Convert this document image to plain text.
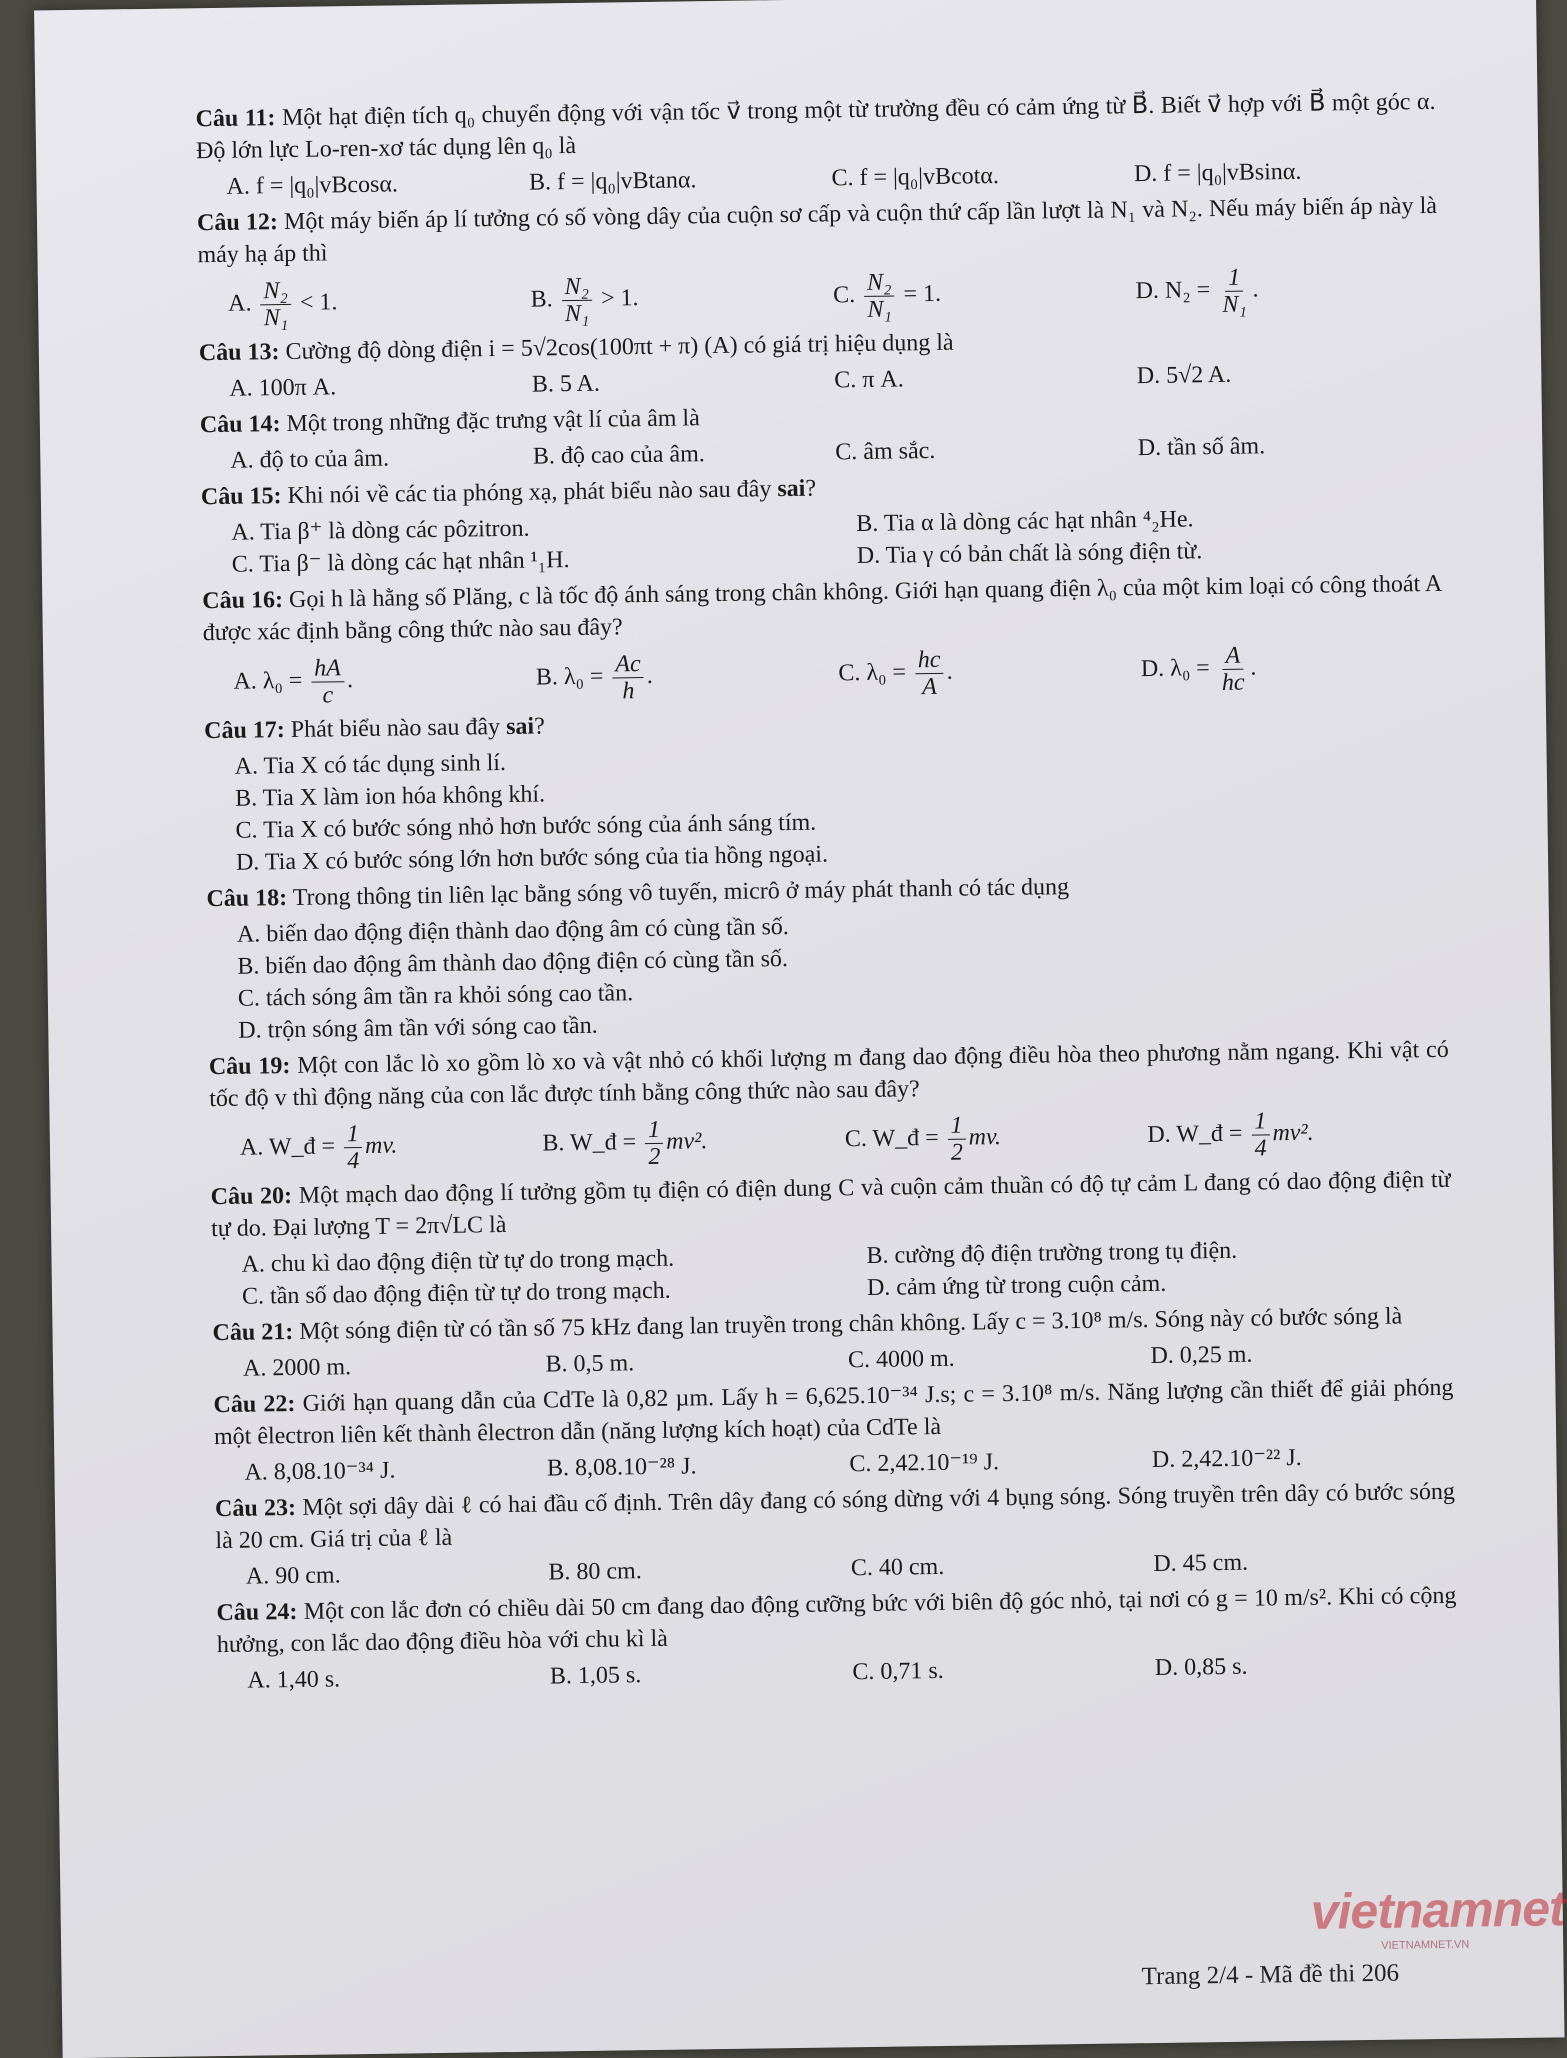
Câu 11: Một hạt điện tích q₀ chuyển động với vận tốc v⃗ trong một từ trường đều có cảm ứng từ B⃗. Biết v⃗ hợp với B⃗ một góc α. Độ lớn lực Lo-ren-xơ tác dụng lên q₀ là
A. f = |q₀|vBcosα.	B. f = |q₀|vBtanα.	C. f = |q₀|vBcotα.	D. f = |q₀|vBsinα.
Câu 12: Một máy biến áp lí tưởng có số vòng dây của cuộn sơ cấp và cuộn thứ cấp lần lượt là N₁ và N₂. Nếu máy biến áp này là máy hạ áp thì
A. $\frac{\text{N₂}}{\text{N₁}} < 1$.	B. $\frac{\text{N₂}}{\text{N₁}} > 1$.	C. $\frac{\text{N₂}}{\text{N₁}} = 1$.	D. $N_2 = \frac{1}{\text{N₁}}$ .
Câu 13: Cường độ dòng điện i = 5√2cos(100πt + π) (A) có giá trị hiệu dụng là
A. 100π A.	B. 5 A.	C. π A.	D. 5√2 A.
Câu 14: Một trong những đặc trưng vật lí của âm là
A. độ to của âm.	B. độ cao của âm.	C. âm sắc.	D. tần số âm.
Câu 15: Khi nói về các tia phóng xạ, phát biểu nào sau đây sai?
A. Tia β⁺ là dòng các pôzitron.	B. Tia α là dòng các hạt nhân ⁴₂He.
C. Tia β⁻ là dòng các hạt nhân ¹₁H.	D. Tia γ có bản chất là sóng điện từ.
Câu 16: Gọi h là hằng số Plăng, c là tốc độ ánh sáng trong chân không. Giới hạn quang điện λ₀ của một kim loại có công thoát A được xác định bằng công thức nào sau đây?
A. $\lambda_0 = \frac{hA}{c}$ .	B. $\lambda_0 = \frac{Ac}{h}$ .	C. $\lambda_0 = \frac{hc}{A}$ .	D. $\lambda_0 = \frac{A}{hc}$ .
Câu 17: Phát biểu nào sau đây sai?
A. Tia X có tác dụng sinh lí.
B. Tia X làm ion hóa không khí.
C. Tia X có bước sóng nhỏ hơn bước sóng của ánh sáng tím.
D. Tia X có bước sóng lớn hơn bước sóng của tia hồng ngoại.
Câu 18: Trong thông tin liên lạc bằng sóng vô tuyến, micrô ở máy phát thanh có tác dụng
A. biến dao động điện thành dao động âm có cùng tần số.
B. biến dao động âm thành dao động điện có cùng tần số.
C. tách sóng âm tần ra khỏi sóng cao tần.
D. trộn sóng âm tần với sóng cao tần.
Câu 19: Một con lắc lò xo gồm lò xo và vật nhỏ có khối lượng m đang dao động điều hòa theo phương nằm ngang. Khi vật có tốc độ v thì động năng của con lắc được tính bằng công thức nào sau đây?
A. W_đ = $\frac{1}{4}$ mv.	B. W_đ = $\frac{1}{2} mv^2$.	C. W_đ = $\frac{1}{2}$ mv.	D. W_đ = $\frac{1}{4} mv^2$.
Câu 20: Một mạch dao động lí tưởng gồm tụ điện có điện dung C và cuộn cảm thuần có độ tự cảm L đang có dao động điện từ tự do. Đại lượng T = 2π√LC là
A. chu kì dao động điện từ tự do trong mạch.	B. cường độ điện trường trong tụ điện.
C. tần số dao động điện từ tự do trong mạch.	D. cảm ứng từ trong cuộn cảm.
Câu 21: Một sóng điện từ có tần số 75 kHz đang lan truyền trong chân không. Lấy c = 3.10⁸ m/s. Sóng này có bước sóng là
A. 2000 m.	B. 0,5 m.	C. 4000 m.	D. 0,25 m.
Câu 22: Giới hạn quang dẫn của CdTe là 0,82 µm. Lấy h = 6,625.10⁻³⁴ J.s; c = 3.10⁸ m/s. Năng lượng cần thiết để giải phóng một êlectron liên kết thành êlectron dẫn (năng lượng kích hoạt) của CdTe là
A. 8,08.10⁻³⁴ J.	B. 8,08.10⁻²⁸ J.	C. 2,42.10⁻¹⁹ J.	D. 2,42.10⁻²² J.
Câu 23: Một sợi dây dài ℓ có hai đầu cố định. Trên dây đang có sóng dừng với 4 bụng sóng. Sóng truyền trên dây có bước sóng là 20 cm. Giá trị của ℓ là
A. 90 cm.	B. 80 cm.	C. 40 cm.	D. 45 cm.
Câu 24: Một con lắc đơn có chiều dài 50 cm đang dao động cưỡng bức với biên độ góc nhỏ, tại nơi có g = 10 m/s². Khi có cộng hưởng, con lắc dao động điều hòa với chu kì là
A. 1,40 s.	B. 1,05 s.	C. 0,71 s.	D. 0,85 s.
vietnamnet
VIETNAMNET.VN
Trang 2/4 - Mã đề thi 206
